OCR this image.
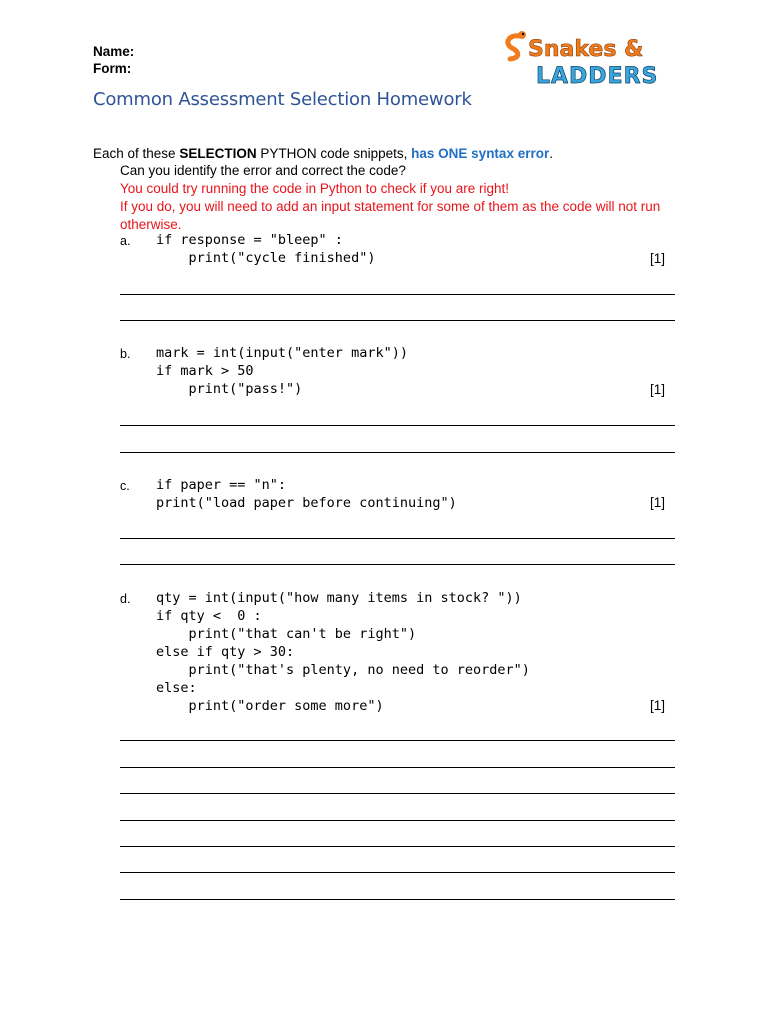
Name:
Form:
Snakes &
LADDERS
Common Assessment Selection Homework
Each of these SELECTION PYTHON code snippets, has ONE syntax error.
Can you identify the error and correct the code?
You could try running the code in Python to check if you are right!
If you do, you will need to add an input statement for some of them as the code will not run otherwise.
a. if response = "bleep" :
print("cycle finished")	[1]
b. mark = int(input("enter mark"))
if mark > 50
print("pass!")	[1]
c. if paper == "n":
print("load paper before continuing")	[1]
d. qty = int(input("how many items in stock? "))
if qty <  0 :
print("that can't be right")
else if qty > 30:
print("that's plenty, no need to reorder")
else:
print("order some more")	[1]
